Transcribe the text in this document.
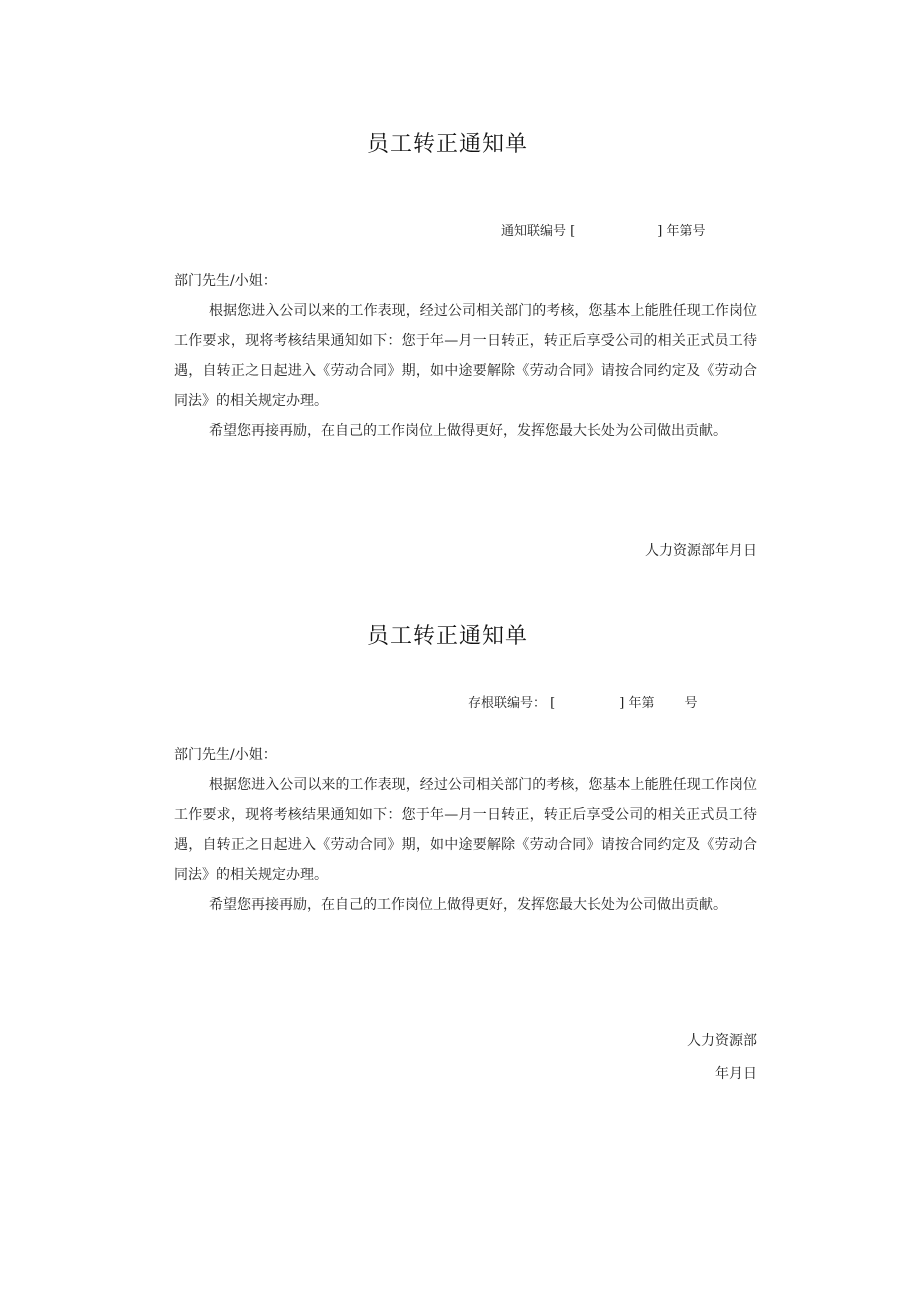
员工转正通知单
通知联编号 [	] 年第号

部门先生/小姐：

根据您进入公司以来的工作表现，经过公司相关部门的考核，您基本上能胜任现工作岗位工作要求，现将考核结果通知如下：您于年—月一日转正，转正后享受公司的相关正式员工待遇，自转正之日起进入《劳动合同》期，如中途要解除《劳动合同》请按合同约定及《劳动合同法》的相关规定办理。

希望您再接再励，在自己的工作岗位上做得更好，发挥您最大长处为公司做出贡献。

人力资源部年月日
员工转正通知单
存根联编号： [	] 年第 号

部门先生/小姐：

根据您进入公司以来的工作表现，经过公司相关部门的考核，您基本上能胜任现工作岗位工作要求，现将考核结果通知如下：您于年—月一日转正，转正后享受公司的相关正式员工待遇，自转正之日起进入《劳动合同》期，如中途要解除《劳动合同》请按合同约定及《劳动合同法》的相关规定办理。

希望您再接再励，在自己的工作岗位上做得更好，发挥您最大长处为公司做出贡献。

人力资源部
年月日
